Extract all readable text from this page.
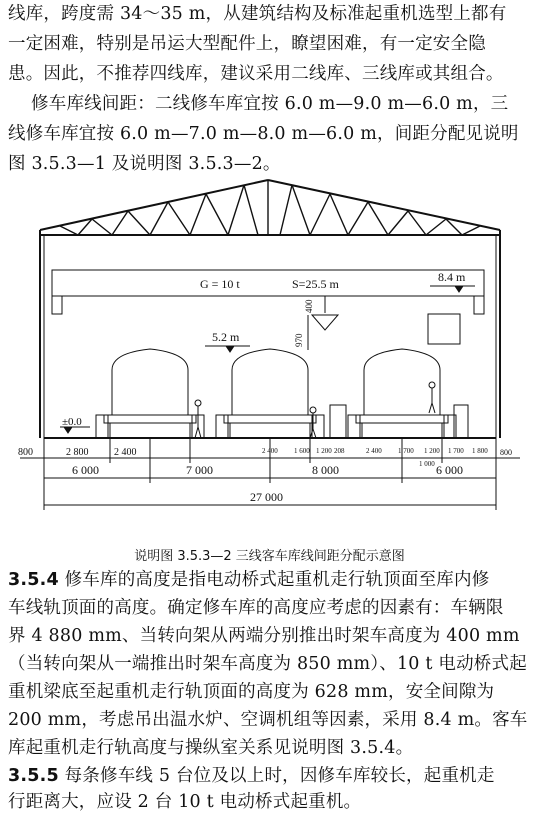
线库，跨度需 34～35 m，从建筑结构及标准起重机选型上都有
一定困难，特别是吊运大型配件上，瞭望困难，有一定安全隐
患。因此，不推荐四线库，建议采用二线库、三线库或其组合。
修车库线间距：二线修车库宜按 6.0 m—9.0 m—6.0 m，三
线修车库宜按 6.0 m—7.0 m—8.0 m—6.0 m，间距分配见说明
图 3.5.3—1 及说明图 3.5.3—2。
G = 10 t	S=25.5 m	8.4 m
5.2 m
400
970
±0.0
800	2 800	2 400	2 400 1 600 1 200 208	2 400 1 700 1 200 1 700 1 800 800
1 000
6 000	7 000	8 000	6 000
27 000
说明图 3.5.3—2 三线客车库线间距分配示意图
3.5.4 修车库的高度是指电动桥式起重机走行轨顶面至库内修
车线轨顶面的高度。确定修车库的高度应考虑的因素有：车辆限
界 4 880 mm、当转向架从两端分别推出时架车高度为 400 mm
（当转向架从一端推出时架车高度为 850 mm）、10 t 电动桥式起
重机梁底至起重机走行轨顶面的高度为 628 mm，安全间隙为
200 mm，考虑吊出温水炉、空调机组等因素，采用 8.4 m。客车
库起重机走行轨高度与操纵室关系见说明图 3.5.4。
3.5.5 每条修车线 5 台位及以上时，因修车库较长，起重机走
行距离大，应设 2 台 10 t 电动桥式起重机。
